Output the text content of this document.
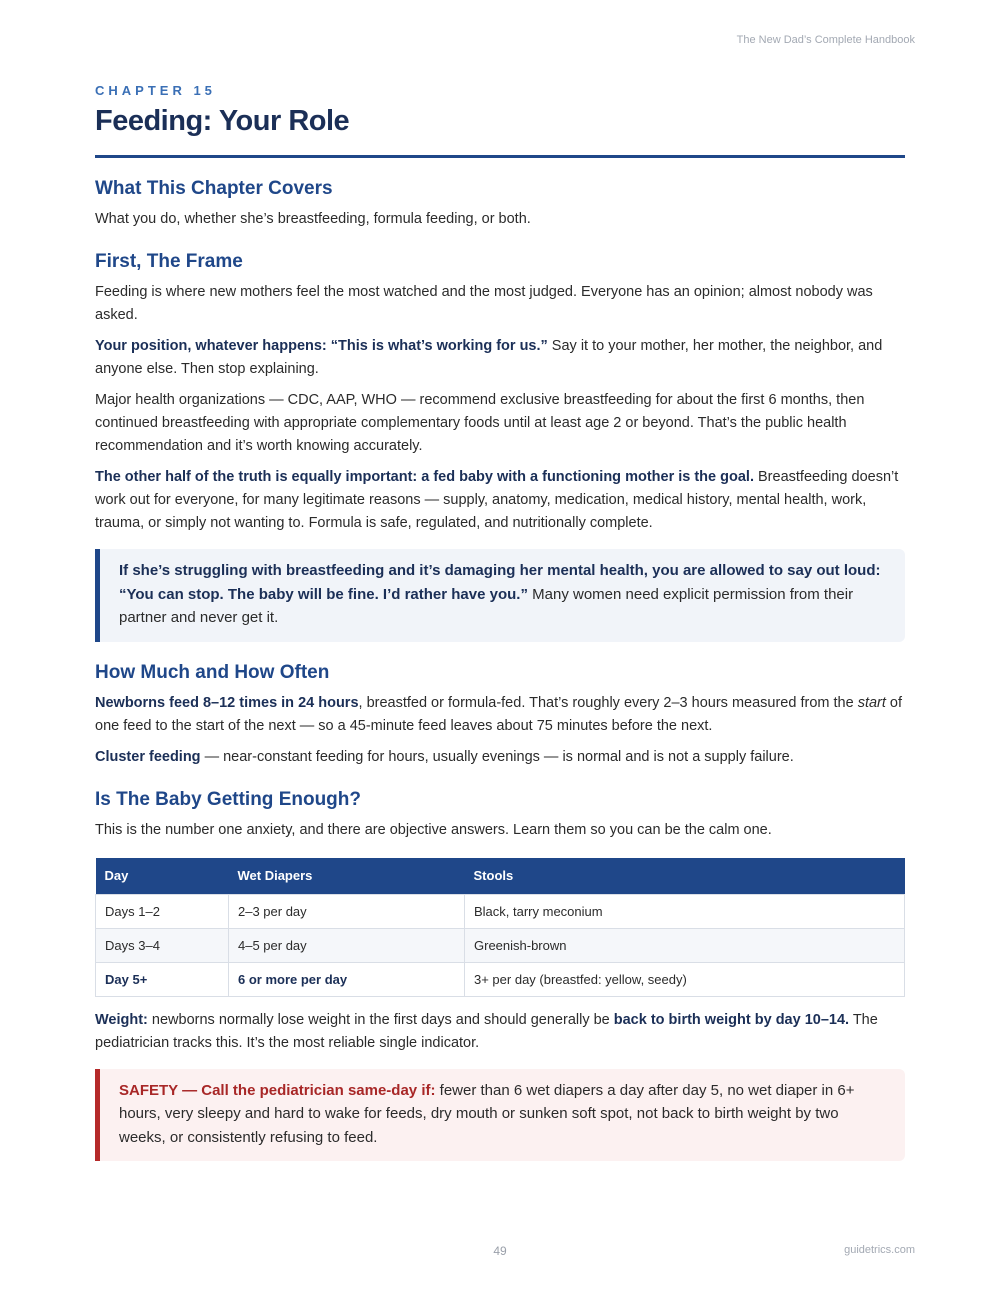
The New Dad’s Complete Handbook
CHAPTER 15
Feeding: Your Role
What This Chapter Covers

What you do, whether she’s breastfeeding, formula feeding, or both.

First, The Frame

Feeding is where new mothers feel the most watched and the most judged. Everyone has an opinion; almost nobody was asked.

Your position, whatever happens: “This is what’s working for us.” Say it to your mother, her mother, the neighbor, and anyone else. Then stop explaining.

Major health organizations — CDC, AAP, WHO — recommend exclusive breastfeeding for about the first 6 months, then continued breastfeeding with appropriate complementary foods until at least age 2 or beyond. That’s the public health recommendation and it’s worth knowing accurately.

The other half of the truth is equally important: a fed baby with a functioning mother is the goal. Breastfeeding doesn’t work out for everyone, for many legitimate reasons — supply, anatomy, medication, medical history, mental health, work, trauma, or simply not wanting to. Formula is safe, regulated, and nutritionally complete.

If she’s struggling with breastfeeding and it’s damaging her mental health, you are allowed to say out loud: “You can stop. The baby will be fine. I’d rather have you.” Many women need explicit permission from their partner and never get it.

How Much and How Often

Newborns feed 8–12 times in 24 hours, breastfed or formula-fed. That’s roughly every 2–3 hours measured from the start of one feed to the start of the next — so a 45-minute feed leaves about 75 minutes before the next.

Cluster feeding — near-constant feeding for hours, usually evenings — is normal and is not a supply failure.

Is The Baby Getting Enough?

This is the number one anxiety, and there are objective answers. Learn them so you can be the calm one.

Day	Wet Diapers	Stools
Days 1–2	2–3 per day	Black, tarry meconium
Days 3–4	4–5 per day	Greenish-brown
Day 5+	6 or more per day	3+ per day (breastfed: yellow, seedy)

Weight: newborns normally lose weight in the first days and should generally be back to birth weight by day 10–14. The pediatrician tracks this. It’s the most reliable single indicator.

SAFETY — Call the pediatrician same-day if: fewer than 6 wet diapers a day after day 5, no wet diaper in 6+ hours, very sleepy and hard to wake for feeds, dry mouth or sunken soft spot, not back to birth weight by two weeks, or consistently refusing to feed.

49	guidetrics.com
